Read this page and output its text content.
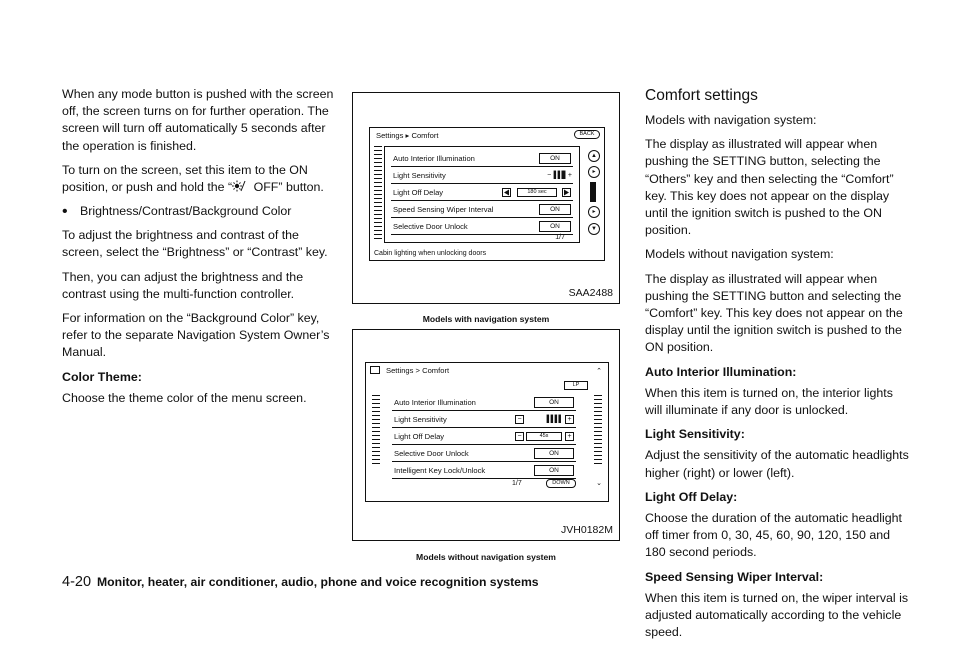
When any mode button is pushed with the screen off, the screen turns on for further operation. The screen will turn off automatically 5 seconds after the operation is finished.

To turn on the screen, set this item to the ON position, or push and hold the “ OFF” button.

• Brightness/Contrast/Background Color

To adjust the brightness and contrast of the screen, select the “Brightness” or “Contrast” key.

Then, you can adjust the brightness and the contrast using the multi-function controller.

For information on the “Background Color” key, refer to the separate Navigation System Owner’s Manual.

Color Theme:

Choose the theme color of the menu screen.

Settings ▸ Comfort	BACK
Auto Interior Illumination	ON
Light Sensitivity	− ▐▐▐▌ +
Light Off Delay	180 sec
Speed Sensing Wiper Interval	ON
Selective Door Unlock	ON
1/7
▲
▸
▸
▼
Cabin lighting when unlocking doors
SAA2488

Models with navigation system

Settings > Comfort
LP
Auto Interior Illumination	ON
Light Sensitivity	−	▐▐▐▐	+
Light Off Delay	−	45s	+
Selective Door Unlock	ON
Intelligent Key Lock/Unlock	ON
1/7	DOWN
⌃
⌄
JVH0182M

Models without navigation system

Comfort settings

Models with navigation system:

The display as illustrated will appear when pushing the SETTING button, selecting the “Others” key and then selecting the “Comfort” key. This key does not appear on the display until the ignition switch is pushed to the ON position.

Models without navigation system:

The display as illustrated will appear when pushing the SETTING button and selecting the “Comfort” key. This key does not appear on the display until the ignition switch is pushed to the ON position.

Auto Interior Illumination:

When this item is turned on, the interior lights will illuminate if any door is unlocked.

Light Sensitivity:

Adjust the sensitivity of the automatic headlights higher (right) or lower (left).

Light Off Delay:

Choose the duration of the automatic headlight off timer from 0, 30, 45, 60, 90, 120, 150 and 180 second periods.

Speed Sensing Wiper Interval:

When this item is turned on, the wiper interval is adjusted automatically according to the vehicle speed.

4-20 Monitor, heater, air conditioner, audio, phone and voice recognition systems
